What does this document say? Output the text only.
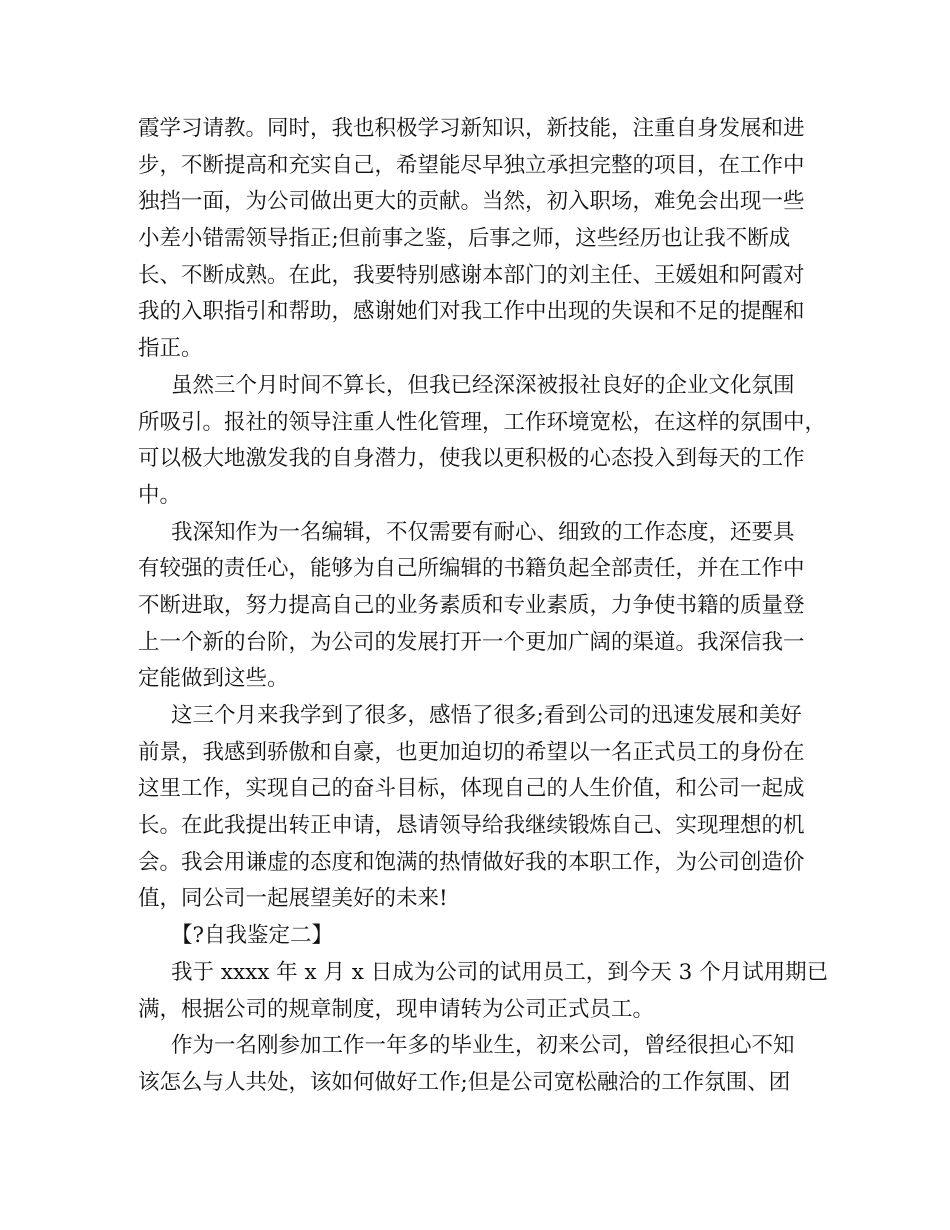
霞学习请教。同时，我也积极学习新知识，新技能，注重自身发展和进
步，不断提高和充实自己，希望能尽早独立承担完整的项目，在工作中
独挡一面，为公司做出更大的贡献。当然，初入职场，难免会出现一些
小差小错需领导指正;但前事之鉴，后事之师，这些经历也让我不断成
长、不断成熟。在此，我要特别感谢本部门的刘主任、王媛姐和阿霞对
我的入职指引和帮助，感谢她们对我工作中出现的失误和不足的提醒和
指正。
虽然三个月时间不算长，但我已经深深被报社良好的企业文化氛围
所吸引。报社的领导注重人性化管理，工作环境宽松，在这样的氛围中，
可以极大地激发我的自身潜力，使我以更积极的心态投入到每天的工作
中。
我深知作为一名编辑，不仅需要有耐心、细致的工作态度，还要具
有较强的责任心，能够为自己所编辑的书籍负起全部责任，并在工作中
不断进取，努力提高自己的业务素质和专业素质，力争使书籍的质量登
上一个新的台阶，为公司的发展打开一个更加广阔的渠道。我深信我一
定能做到这些。
这三个月来我学到了很多，感悟了很多;看到公司的迅速发展和美好
前景，我感到骄傲和自豪，也更加迫切的希望以一名正式员工的身份在
这里工作，实现自己的奋斗目标，体现自己的人生价值，和公司一起成
长。在此我提出转正申请，恳请领导给我继续锻炼自己、实现理想的机
会。我会用谦虚的态度和饱满的热情做好我的本职工作，为公司创造价
值，同公司一起展望美好的未来!
【?自我鉴定二】
我于 xxxx 年 x 月 x 日成为公司的试用员工，到今天 3 个月试用期已
满，根据公司的规章制度，现申请转为公司正式员工。
作为一名刚参加工作一年多的毕业生，初来公司，曾经很担心不知
该怎么与人共处，该如何做好工作;但是公司宽松融洽的工作氛围、团
